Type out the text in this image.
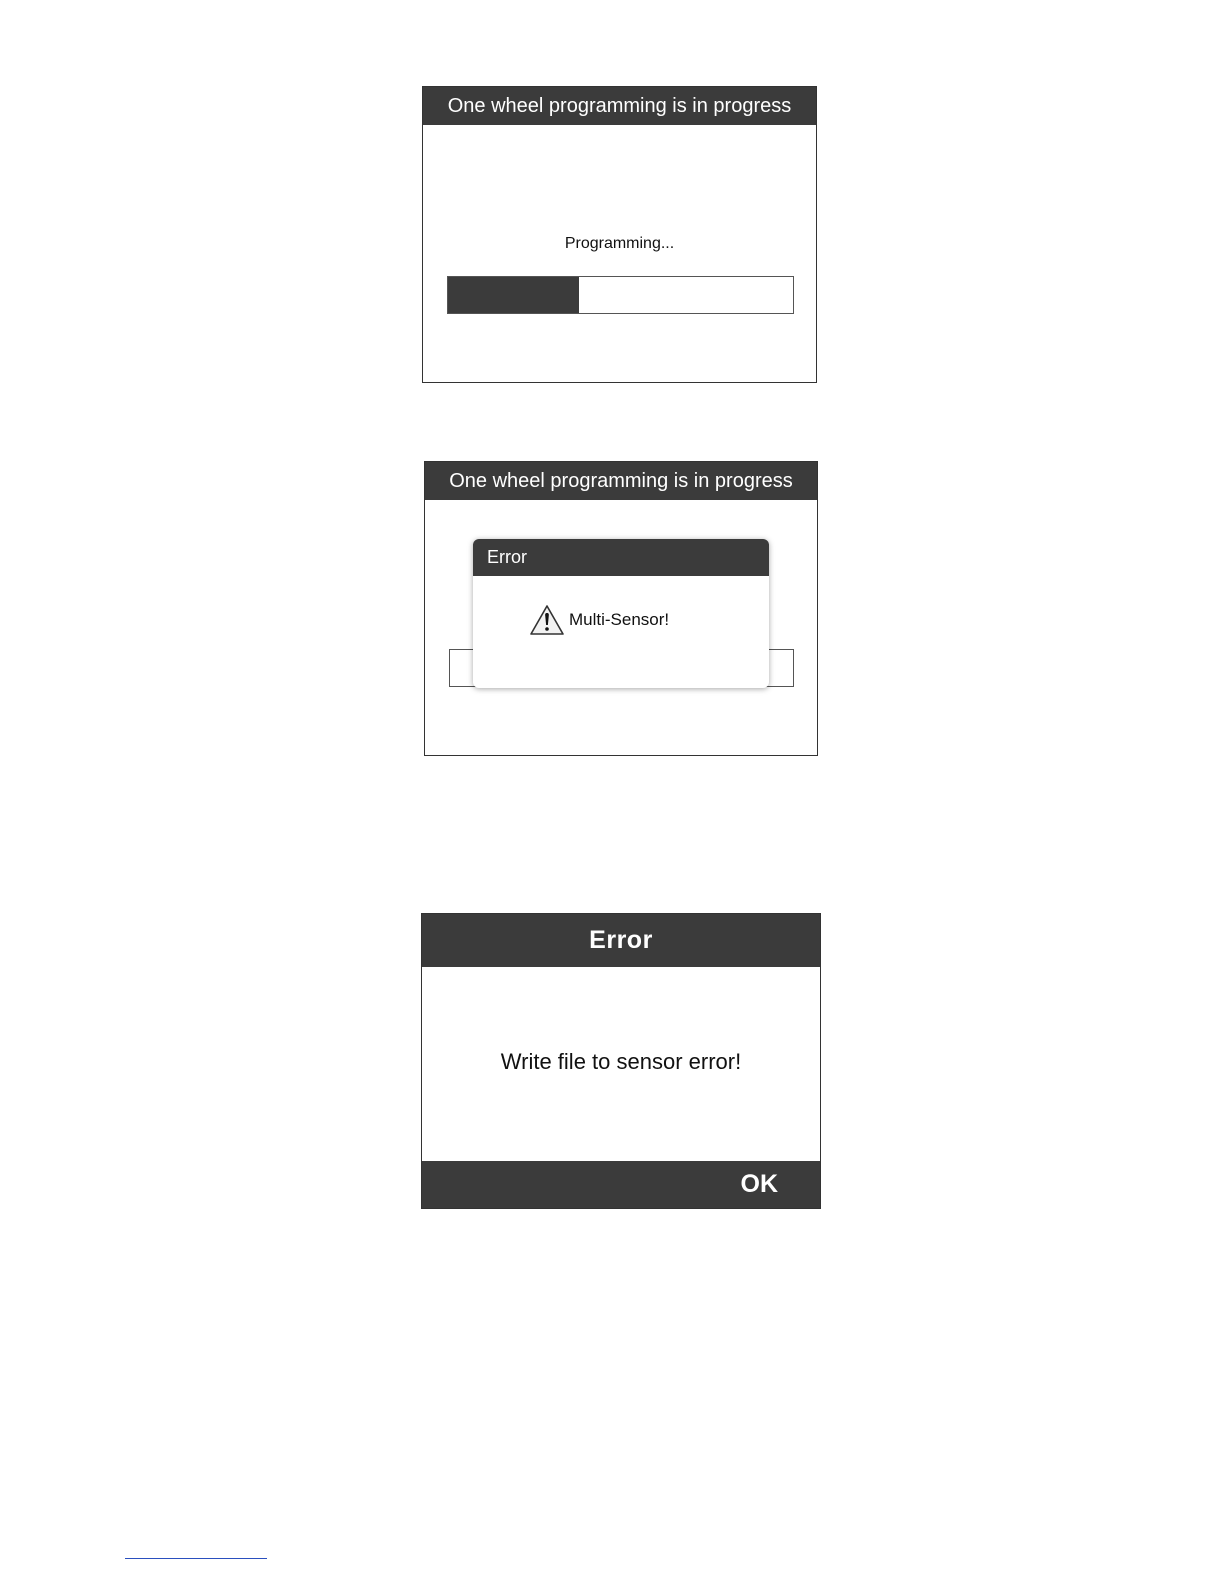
One wheel programming is in progress
Programming...
One wheel programming is in progress
Error
Multi-Sensor!
Error
Write file to sensor error!
OK
